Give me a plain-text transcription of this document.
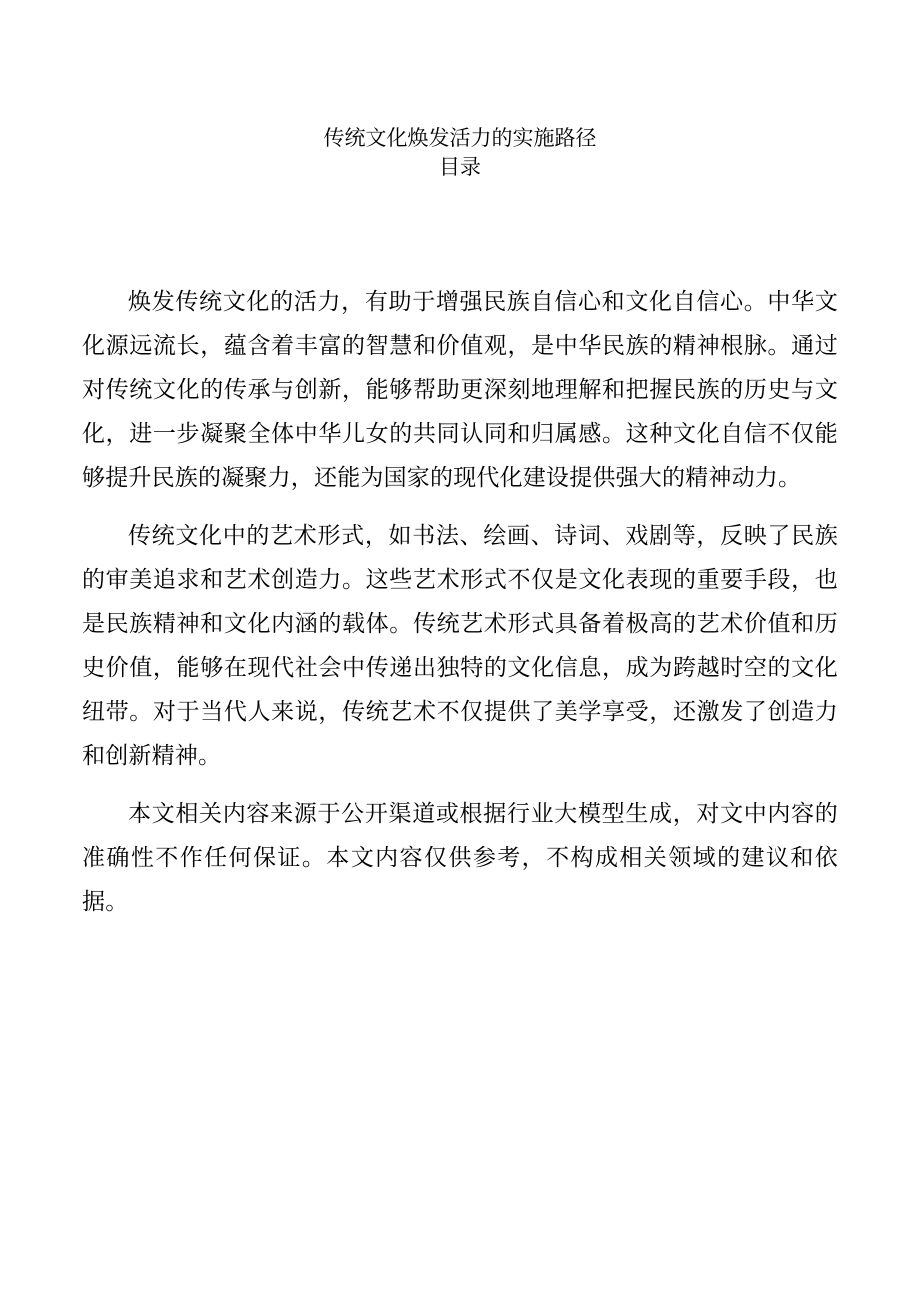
传统文化焕发活力的实施路径
目录

焕发传统文化的活力，有助于增强民族自信心和文化自信心。中华文化源远流长，蕴含着丰富的智慧和价值观，是中华民族的精神根脉。通过对传统文化的传承与创新，能够帮助更深刻地理解和把握民族的历史与文化，进一步凝聚全体中华儿女的共同认同和归属感。这种文化自信不仅能够提升民族的凝聚力，还能为国家的现代化建设提供强大的精神动力。

传统文化中的艺术形式，如书法、绘画、诗词、戏剧等，反映了民族的审美追求和艺术创造力。这些艺术形式不仅是文化表现的重要手段，也是民族精神和文化内涵的载体。传统艺术形式具备着极高的艺术价值和历史价值，能够在现代社会中传递出独特的文化信息，成为跨越时空的文化纽带。对于当代人来说，传统艺术不仅提供了美学享受，还激发了创造力和创新精神。

本文相关内容来源于公开渠道或根据行业大模型生成，对文中内容的准确性不作任何保证。本文内容仅供参考，不构成相关领域的建议和依据。
